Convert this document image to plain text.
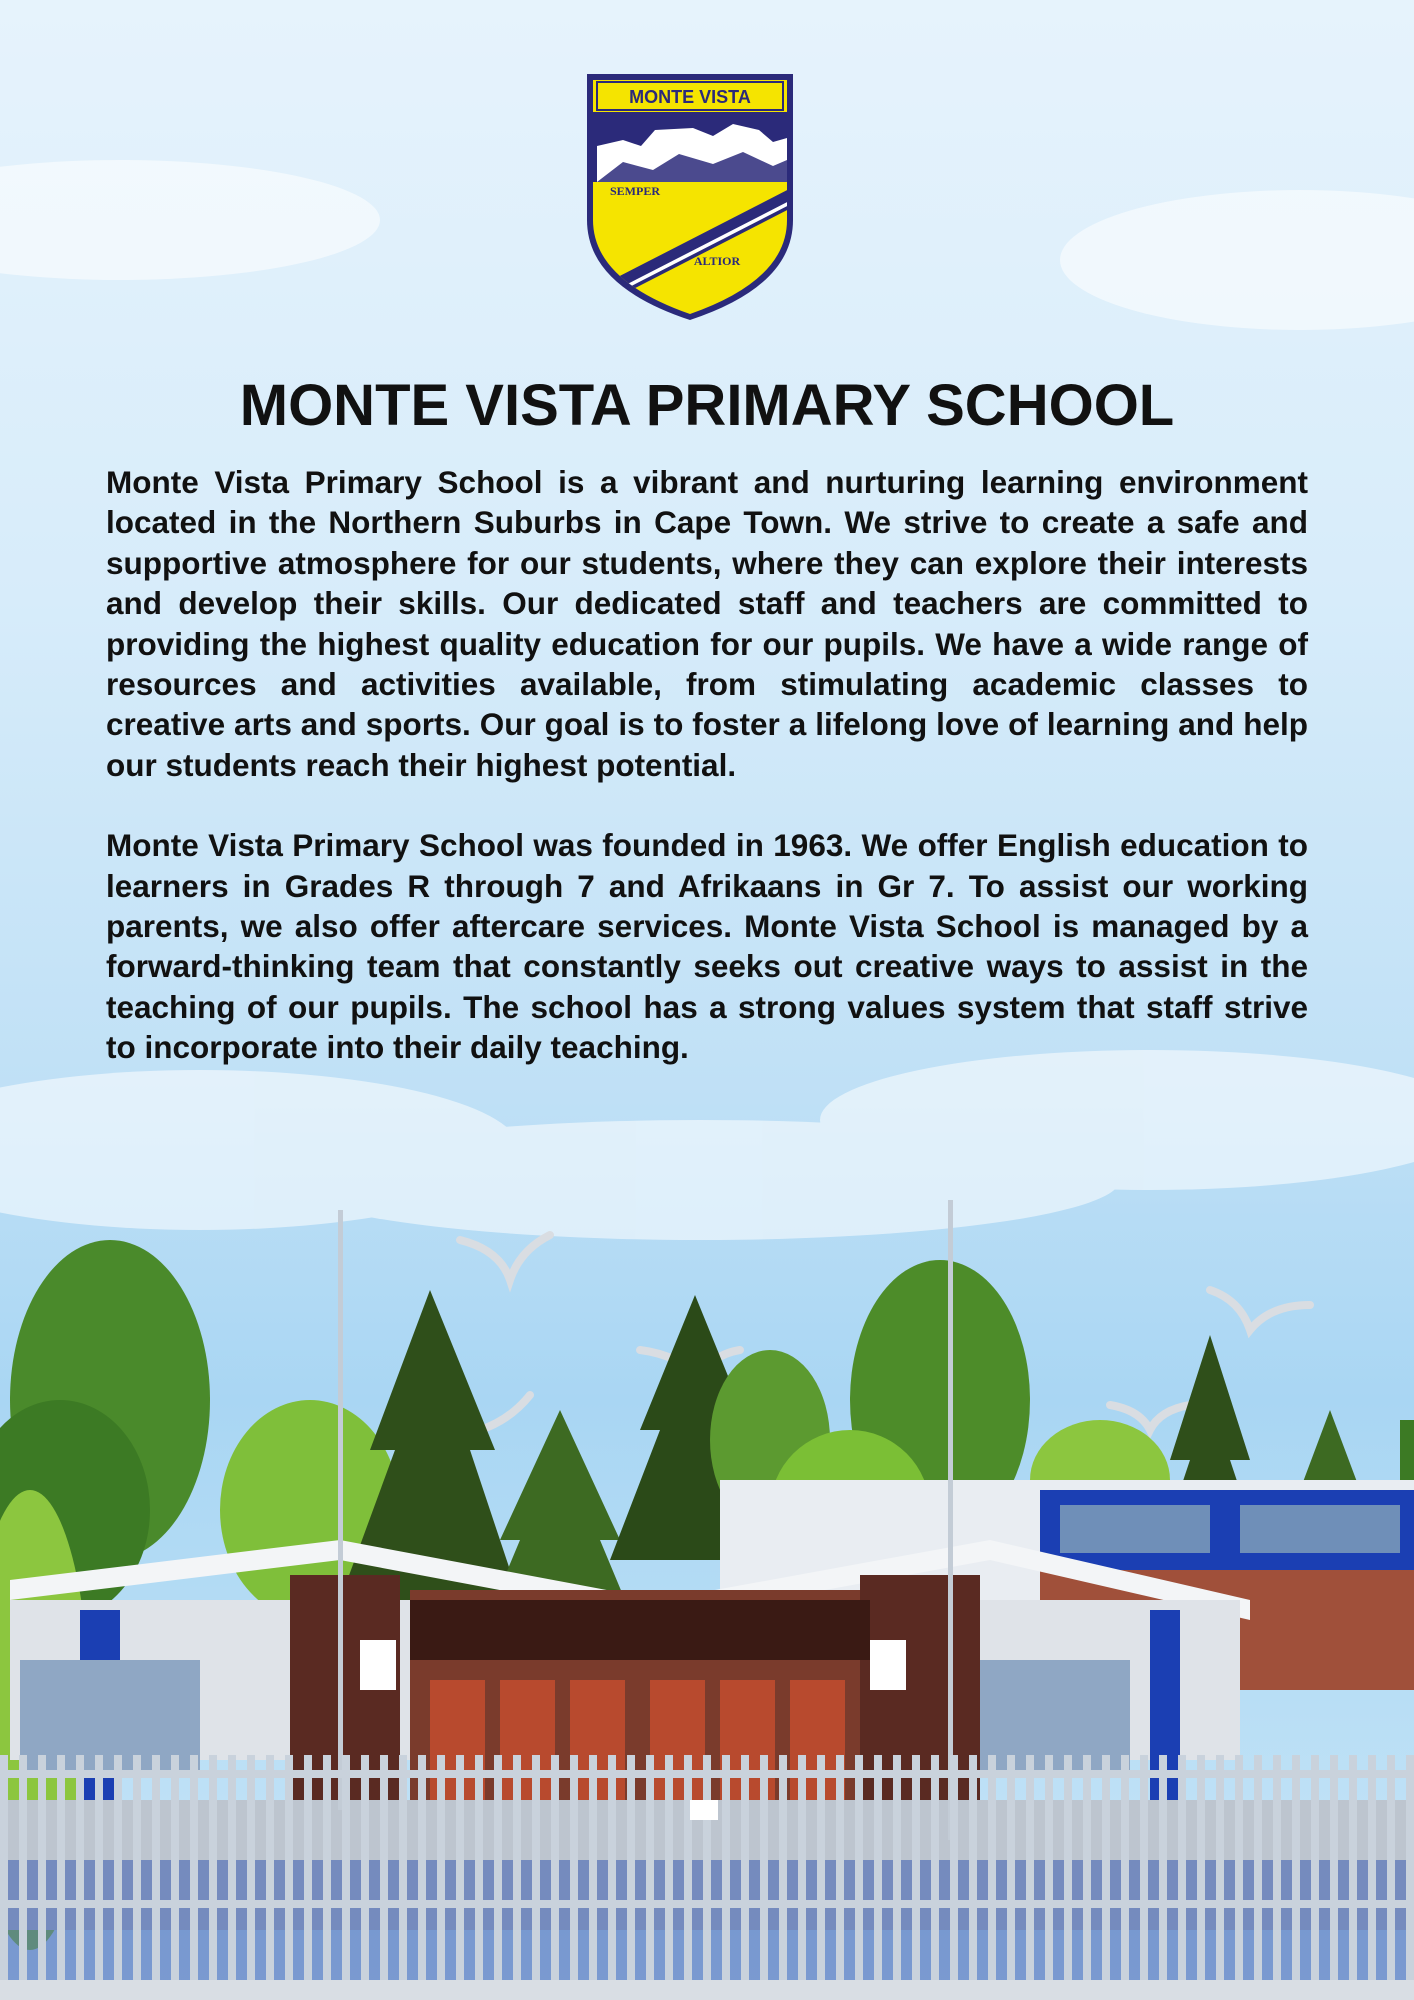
MONTE VISTA
SEMPER
ALTIOR
MONTE VISTA PRIMARY SCHOOL

Monte Vista Primary School is a vibrant and nurturing learning environment located in the Northern Suburbs in Cape Town. We strive to create a safe and supportive atmosphere for our students, where they can explore their interests and develop their skills. Our dedicated staff and teachers are committed to providing the highest quality education for our pupils. We have a wide range of resources and activities available, from stimulating academic classes to creative arts and sports. Our goal is to foster a lifelong love of learning and help our students reach their highest potential.

Monte Vista Primary School was founded in 1963. We offer English education to learners in Grades R through 7 and Afrikaans in Gr 7. To assist our working parents, we also offer aftercare services. Monte Vista School is managed by a forward-thinking team that constantly seeks out creative ways to assist in the teaching of our pupils. The school has a strong values system that staff strive to incorporate into their daily teaching.
